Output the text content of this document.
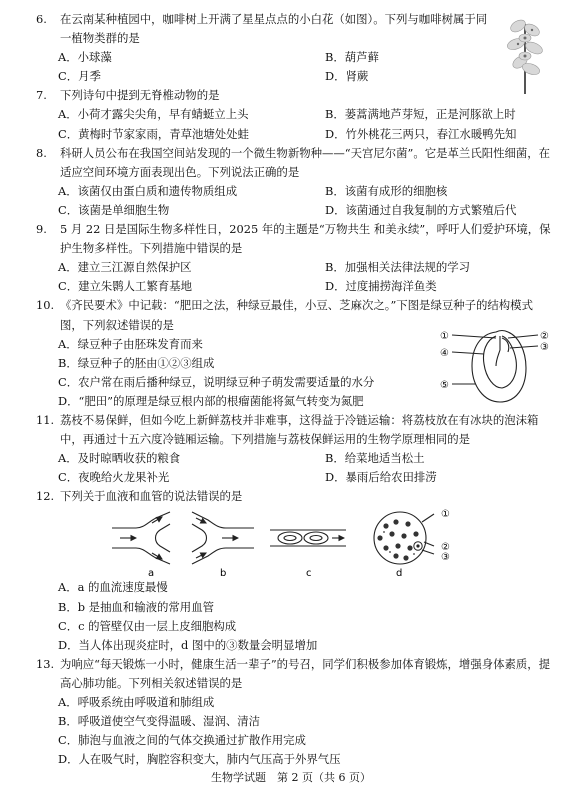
6. 在云南某种植园中，咖啡树上开满了星星点点的小白花（如图）。下列与咖啡树属于同一植物类群的是
A．小球藻	B．葫芦藓
C．月季	D．肾蕨
7. 下列诗句中提到无脊椎动物的是
A．小荷才露尖尖角，早有蜻蜓立上头	B．蒌蒿满地芦芽短，正是河豚欲上时
C．黄梅时节家家雨，青草池塘处处蛙	D．竹外桃花三两只，春江水暖鸭先知
8. 科研人员公布在我国空间站发现的一个微生物新物种——“天宫尼尔菌”。它是革兰氏阳性细菌，在适应空间环境方面表现出色。下列说法正确的是
A．该菌仅由蛋白质和遗传物质组成	B．该菌有成形的细胞核
C．该菌是单细胞生物	D．该菌通过自我复制的方式繁殖后代
9. 5 月 22 日是国际生物多样性日，2025 年的主题是“万物共生 和美永续”，呼吁人们爱护环境，保护生物多样性。下列措施中错误的是
A．建立三江源自然保护区	B．加强相关法律法规的学习
C．建立朱鹮人工繁育基地	D．过度捕捞海洋鱼类
10. 《齐民要术》中记载：“肥田之法，种绿豆最佳，小豆、芝麻次之。”下图是绿豆种子的结构模式图，下列叙述错误的是
A．绿豆种子由胚珠发育而来
B．绿豆种子的胚由①②③组成
C．农户常在雨后播种绿豆，说明绿豆种子萌发需要适量的水分
D．“肥田”的原理是绿豆根内部的根瘤菌能将氮气转变为氮肥
11. 荔枝不易保鲜，但如今吃上新鲜荔枝并非难事，这得益于冷链运输：将荔枝放在有冰块的泡沫箱中，再通过十五六度冷链厢运输。下列措施与荔枝保鲜运用的生物学原理相同的是
A．及时晾晒收获的粮食	B．给菜地适当松土
C．夜晚给火龙果补光	D．暴雨后给农田排涝
12. 下列关于血液和血管的说法错误的是
①
②
③
a	b	c	d
A．a 的血流速度最慢
B．b 是抽血和输液的常用血管
C．c 的管壁仅由一层上皮细胞构成
D．当人体出现炎症时，d 图中的③数量会明显增加
13. 为响应“每天锻炼一小时，健康生活一辈子”的号召，同学们积极参加体育锻炼，增强身体素质，提高心肺功能。下列相关叙述错误的是
A．呼吸系统由呼吸道和肺组成
B．呼吸道使空气变得温暖、湿润、清洁
C．肺泡与血液之间的气体交换通过扩散作用完成
D．人在吸气时，胸腔容积变大，肺内气压高于外界气压
①	②
③
④
⑤
生物学试题　第 2 页（共 6 页）
